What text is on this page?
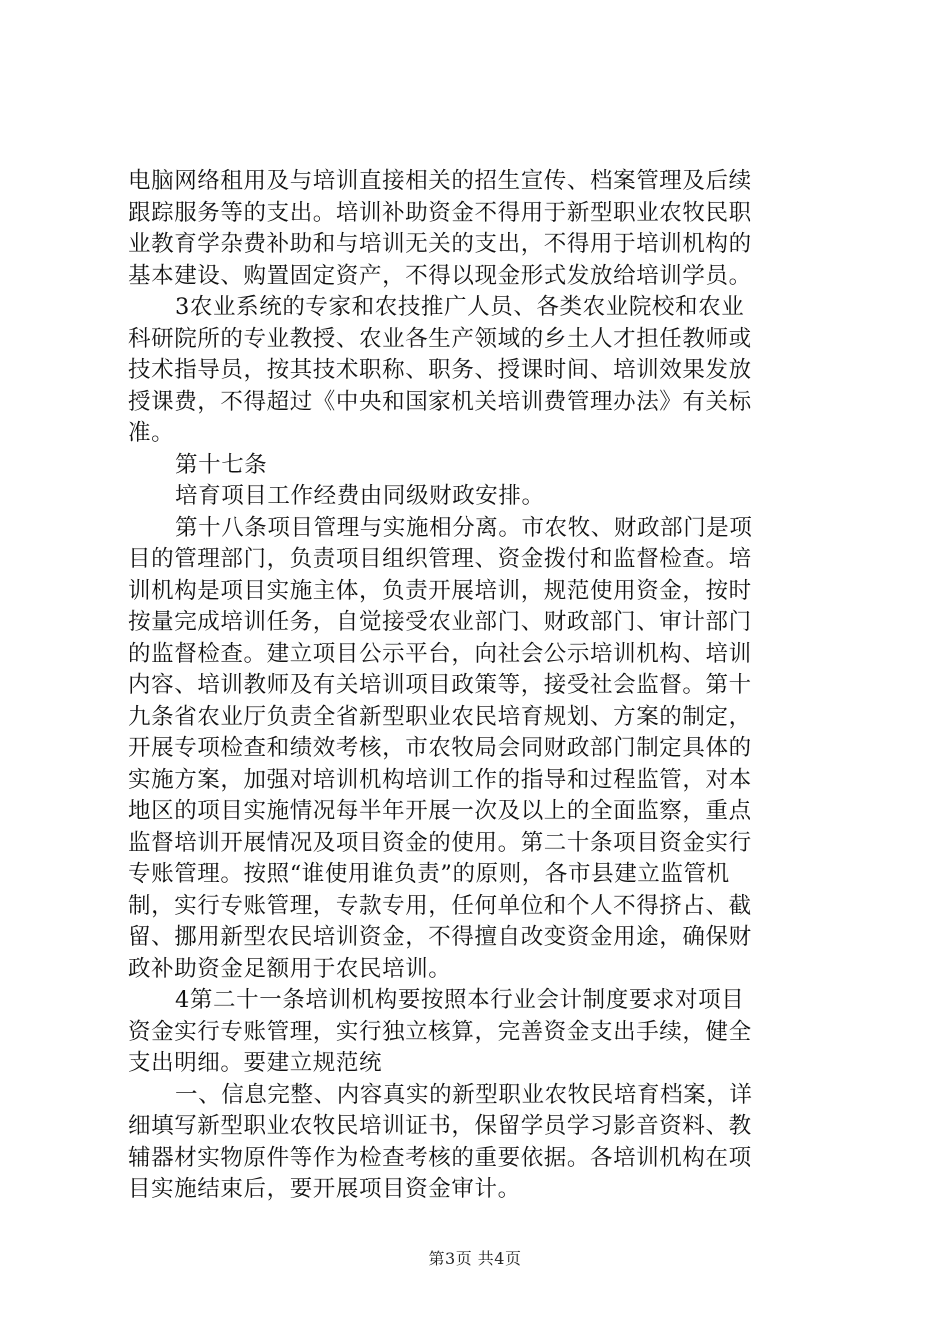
电脑网络租用及与培训直接相关的招生宣传、档案管理及后续
跟踪服务等的支出。培训补助资金不得用于新型职业农牧民职
业教育学杂费补助和与培训无关的支出，不得用于培训机构的
基本建设、购置固定资产，不得以现金形式发放给培训学员。
3农业系统的专家和农技推广人员、各类农业院校和农业
科研院所的专业教授、农业各生产领域的乡土人才担任教师或
技术指导员，按其技术职称、职务、授课时间、培训效果发放
授课费，不得超过《中央和国家机关培训费管理办法》有关标
准。
第十七条
培育项目工作经费由同级财政安排。
第十八条项目管理与实施相分离。市农牧、财政部门是项
目的管理部门，负责项目组织管理、资金拨付和监督检查。培
训机构是项目实施主体，负责开展培训，规范使用资金，按时
按量完成培训任务，自觉接受农业部门、财政部门、审计部门
的监督检查。建立项目公示平台，向社会公示培训机构、培训
内容、培训教师及有关培训项目政策等，接受社会监督。第十
九条省农业厅负责全省新型职业农民培育规划、方案的制定，
开展专项检查和绩效考核，市农牧局会同财政部门制定具体的
实施方案，加强对培训机构培训工作的指导和过程监管，对本
地区的项目实施情况每半年开展一次及以上的全面监察，重点
监督培训开展情况及项目资金的使用。第二十条项目资金实行
专账管理。按照“谁使用谁负责”的原则，各市县建立监管机
制，实行专账管理，专款专用，任何单位和个人不得挤占、截
留、挪用新型农民培训资金，不得擅自改变资金用途，确保财
政补助资金足额用于农民培训。
4第二十一条培训机构要按照本行业会计制度要求对项目
资金实行专账管理，实行独立核算，完善资金支出手续，健全
支出明细。要建立规范统
一、信息完整、内容真实的新型职业农牧民培育档案，详
细填写新型职业农牧民培训证书，保留学员学习影音资料、教
辅器材实物原件等作为检查考核的重要依据。各培训机构在项
目实施结束后，要开展项目资金审计。
第3页 共4页
